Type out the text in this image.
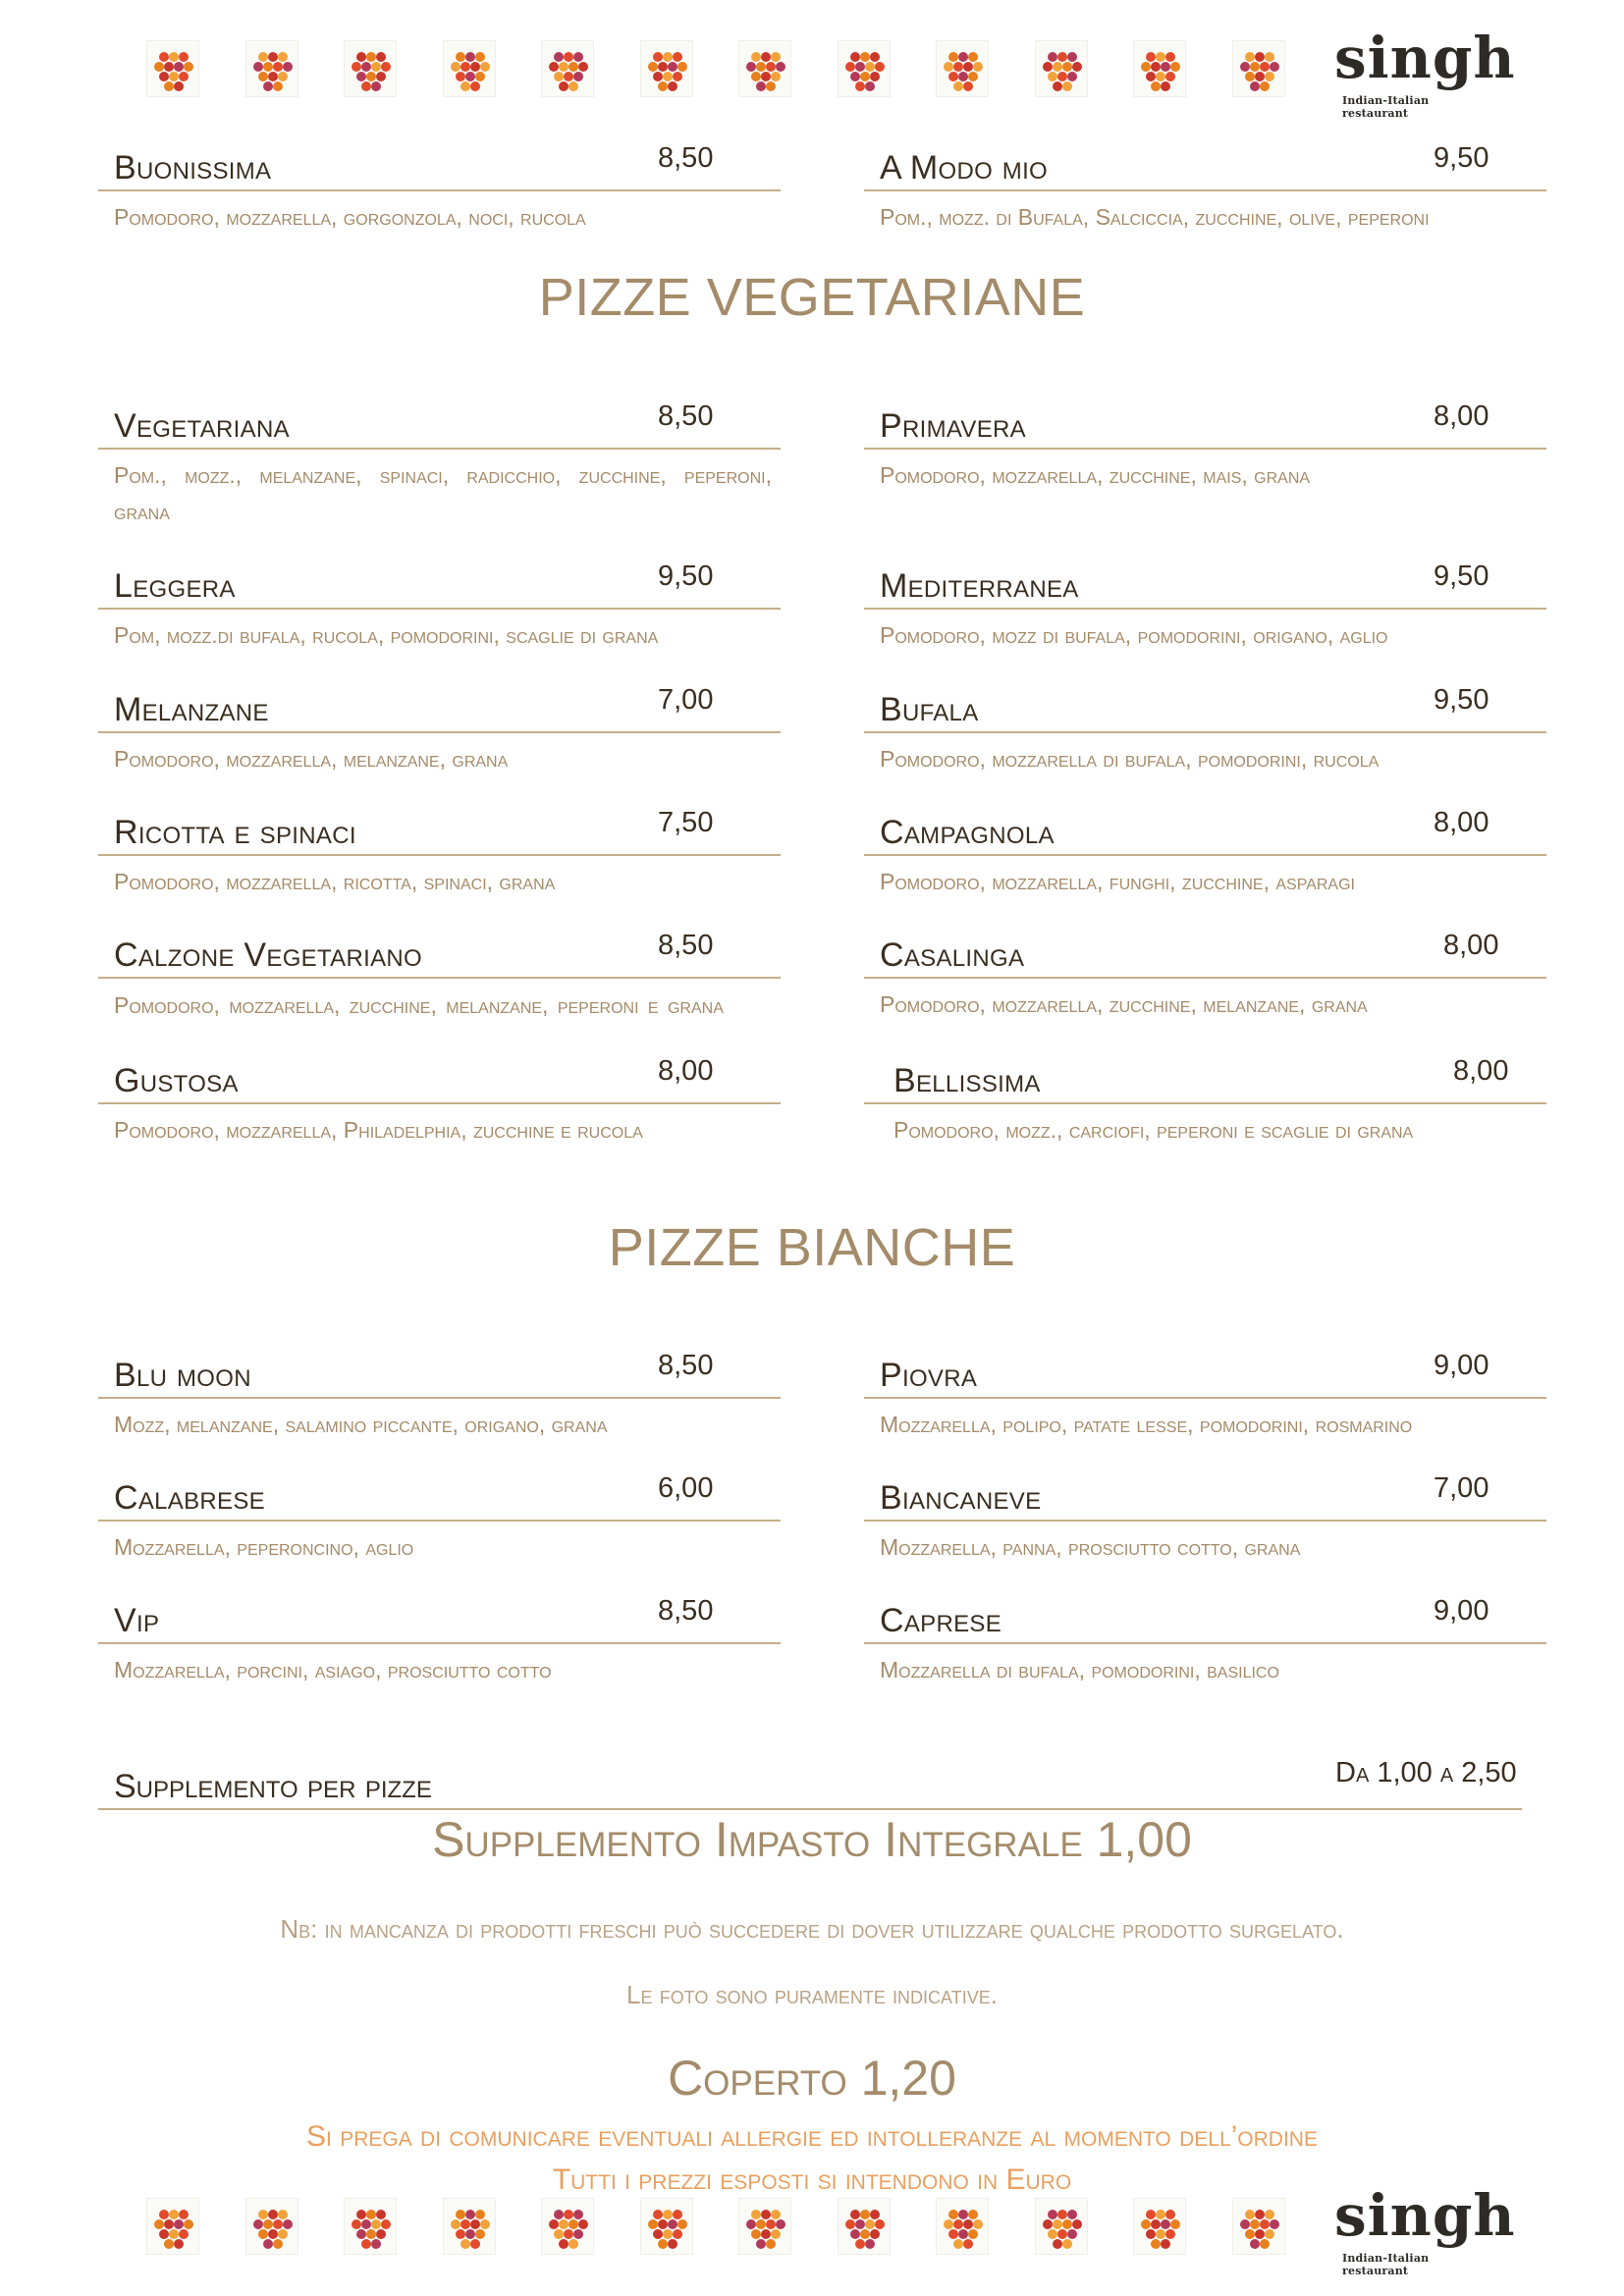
singh
Indian-Italian restaurant
Buonissima	8,50
Pomodoro, mozzarella, gorgonzola, noci, rucola
A Modo mio	9,50
Pom., mozz. di Bufala, Salciccia, zucchine, olive, peperoni
PIZZE VEGETARIANE
Vegetariana	8,50
Pom., mozz., melanzane, spinaci, radicchio, zucchine, peperoni, grana
Leggera	9,50
Pom, mozz.di bufala, rucola, pomodorini, scaglie di grana
Melanzane	7,00
Pomodoro, mozzarella, melanzane, grana
Ricotta e spinaci	7,50
Pomodoro, mozzarella, ricotta, spinaci, grana
Calzone Vegetariano	8,50
Pomodoro, mozzarella, zucchine, melanzane, peperoni e grana
Gustosa	8,00
Pomodoro, mozzarella, Philadelphia, zucchine e rucola
Primavera	8,00
Pomodoro, mozzarella, zucchine, mais, grana
Mediterranea	9,50
Pomodoro, mozz di bufala, pomodorini, origano, aglio
Bufala	9,50
Pomodoro, mozzarella di bufala, pomodorini, rucola
Campagnola	8,00
Pomodoro, mozzarella, funghi, zucchine, asparagi
Casalinga	8,00
Pomodoro, mozzarella, zucchine, melanzane, grana
Bellissima	8,00
Pomodoro, mozz., carciofi, peperoni e scaglie di grana
PIZZE BIANCHE
Blu moon	8,50
Mozz, melanzane, salamino piccante, origano, grana
Calabrese	6,00
Mozzarella, peperoncino, aglio
Vip	8,50
Mozzarella, porcini, asiago, prosciutto cotto
Piovra	9,00
Mozzarella, polipo, patate lesse, pomodorini, rosmarino
Biancaneve	7,00
Mozzarella, panna, prosciutto cotto, grana
Caprese	9,00
Mozzarella di bufala, pomodorini, basilico
Supplemento per pizze	Da 1,00 a 2,50
Supplemento Impasto Integrale 1,00
Nb: in mancanza di prodotti freschi può succedere di dover utilizzare qualche prodotto surgelato.
Le foto sono puramente indicative.
Coperto 1,20
Si prega di comunicare eventuali allergie ed intolleranze al momento dell’ordine
Tutti i prezzi esposti si intendono in Euro
singh
Indian-Italian restaurant
